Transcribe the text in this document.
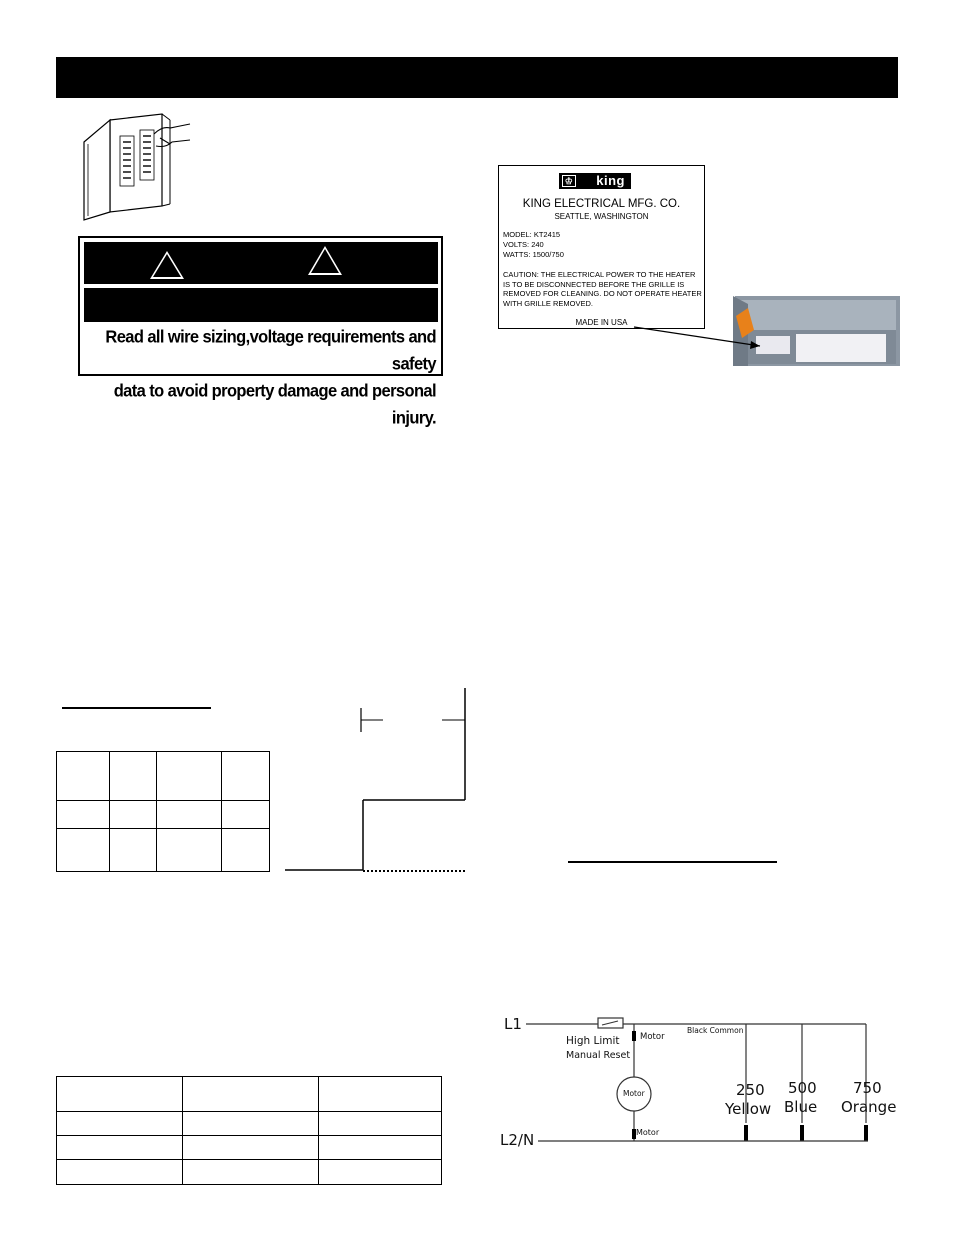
Read all wire sizing,voltage requirements and safety
data to avoid property damage and personal injury.
♔ king
KING ELECTRICAL MFG. CO.
SEATTLE, WASHINGTON
MODEL: KT2415
VOLTS: 240
WATTS: 1500/750
CAUTION: THE ELECTRICAL POWER TO THE HEATER IS TO BE DISCONNECTED BEFORE THE GRILLE IS REMOVED FOR CLEANING. DO NOT OPERATE HEATER WITH GRILLE REMOVED.
MADE IN USA

L1
L2/N
High Limit
Manual Reset
Motor
Motor
Motor
Black Common
250
Yellow
500
Blue
750
Orange
